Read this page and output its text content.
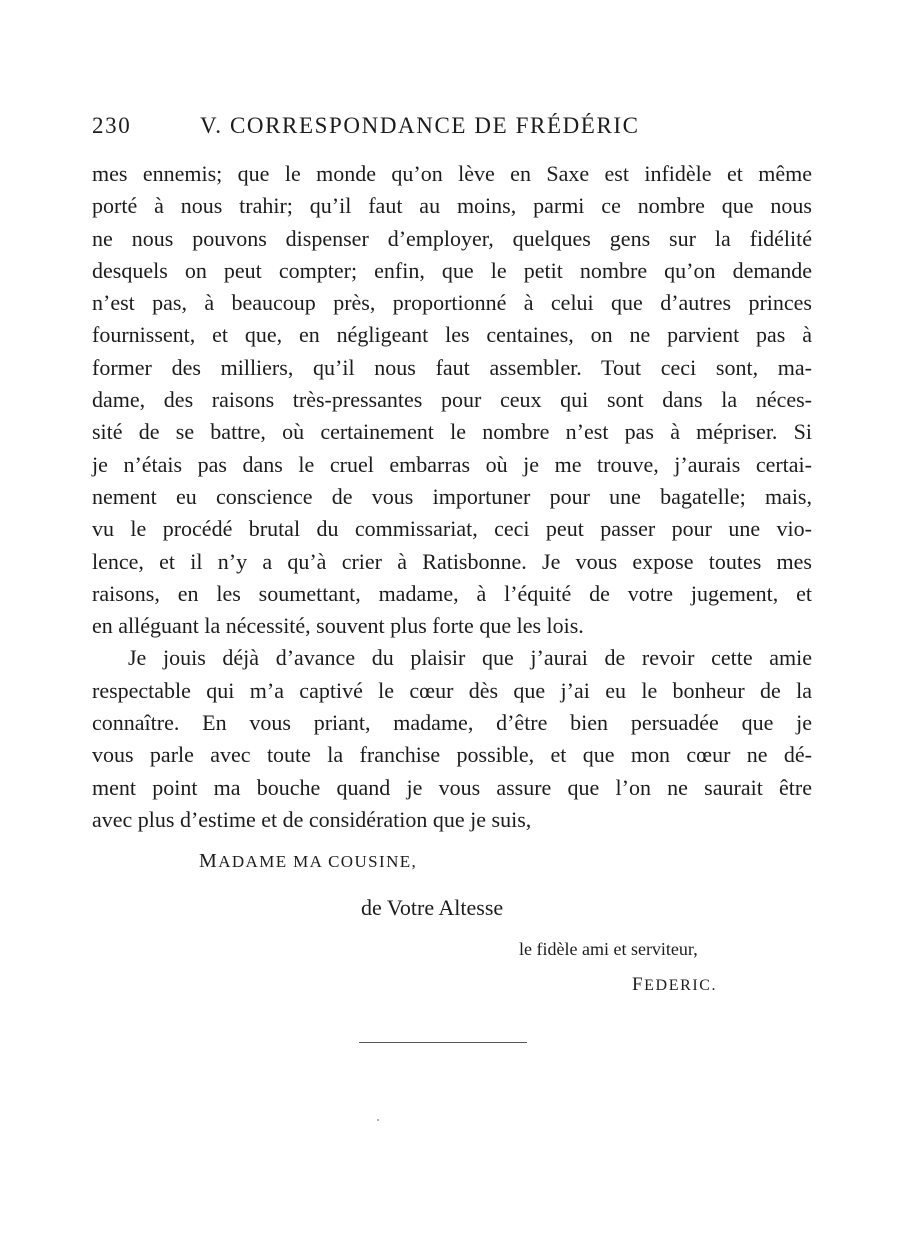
230	V. CORRESPONDANCE DE FRÉDÉRIC
mes ennemis; que le monde qu’on lève en Saxe est infidèle et même
porté à nous trahir; qu’il faut au moins, parmi ce nombre que nous
ne nous pouvons dispenser d’employer, quelques gens sur la fidélité
desquels on peut compter; enfin, que le petit nombre qu’on demande
n’est pas, à beaucoup près, proportionné à celui que d’autres princes
fournissent, et que, en négligeant les centaines, on ne parvient pas à
former des milliers, qu’il nous faut assembler. Tout ceci sont, ma-
dame, des raisons très-pressantes pour ceux qui sont dans la néces-
sité de se battre, où certainement le nombre n’est pas à mépriser. Si
je n’étais pas dans le cruel embarras où je me trouve, j’aurais certai-
nement eu conscience de vous importuner pour une bagatelle; mais,
vu le procédé brutal du commissariat, ceci peut passer pour une vio-
lence, et il n’y a qu’à crier à Ratisbonne. Je vous expose toutes mes
raisons, en les soumettant, madame, à l’équité de votre jugement, et
en alléguant la nécessité, souvent plus forte que les lois.
Je jouis déjà d’avance du plaisir que j’aurai de revoir cette amie
respectable qui m’a captivé le cœur dès que j’ai eu le bonheur de la
connaître. En vous priant, madame, d’être bien persuadée que je
vous parle avec toute la franchise possible, et que mon cœur ne dé-
ment point ma bouche quand je vous assure que l’on ne saurait être
avec plus d’estime et de considération que je suis,
MADAME MA COUSINE,
de Votre Altesse
le fidèle ami et serviteur,
FEDERIC.
